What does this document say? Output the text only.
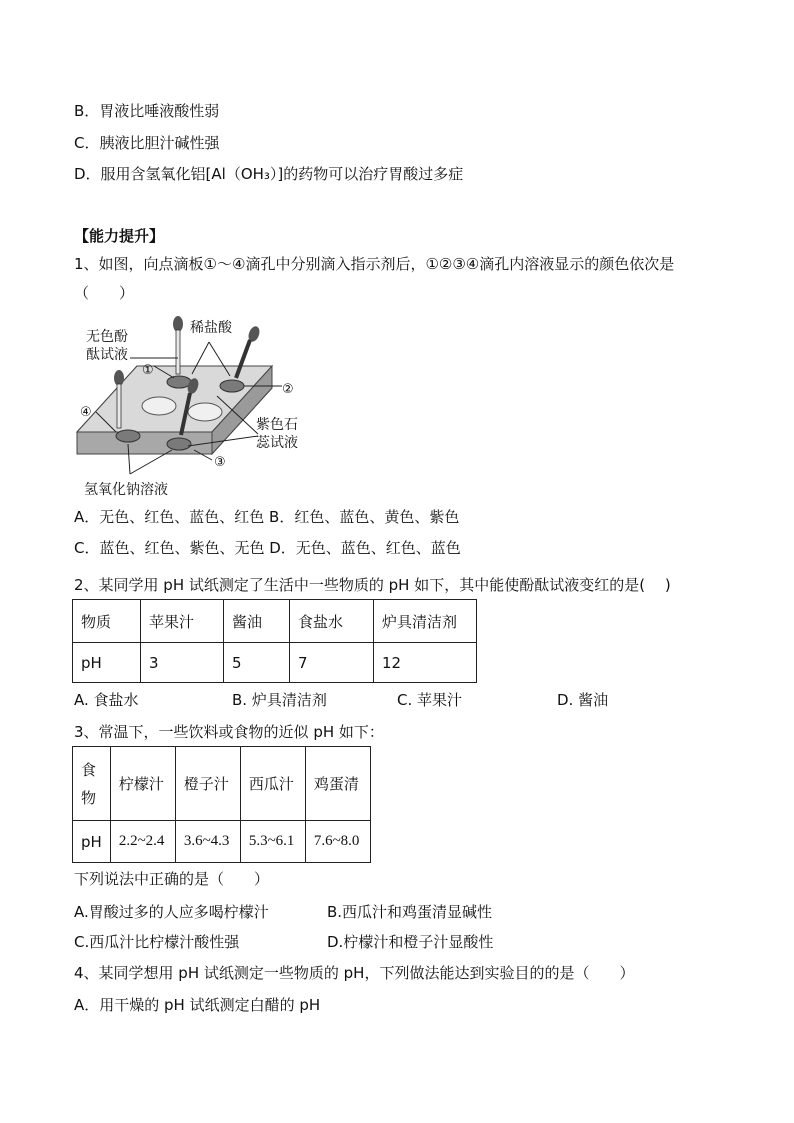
B．胃液比唾液酸性弱
C．胰液比胆汁碱性强
D．服用含氢氧化铝[Al（OH₃）]的药物可以治疗胃酸过多症
【能力提升】
1、如图，向点滴板①～④滴孔中分别滴入指示剂后，①②③④滴孔内溶液显示的颜色依次是
（　　）
无色酚
酞试液
稀盐酸
紫色石
蕊试液
氢氧化钠溶液
①
②
③
④
A．无色、红色、蓝色、红色 B．红色、蓝色、黄色、紫色
C．蓝色、红色、紫色、无色 D．无色、蓝色、红色、蓝色
2、某同学用 pH 试纸测定了生活中一些物质的 pH 如下，其中能使酚酞试液变红的是(　 )
物质	苹果汁	酱油	食盐水	炉具清洁剂
pH	3	5	7	12
A. 食盐水	B. 炉具清洁剂	C. 苹果汁	D. 酱油
3、常温下，一些饮料或食物的近似 pH 如下：
食
物	柠檬汁	橙子汁	西瓜汁	鸡蛋清
pH	2.2~2.4	3.6~4.3	5.3~6.1	7.6~8.0
下列说法中正确的是（　　）
A.胃酸过多的人应多喝柠檬汁	B.西瓜汁和鸡蛋清显碱性
C.西瓜汁比柠檬汁酸性强	D.柠檬汁和橙子汁显酸性
4、某同学想用 pH 试纸测定一些物质的 pH，下列做法能达到实验目的的是（　　）
A．用干燥的 pH 试纸测定白醋的 pH
